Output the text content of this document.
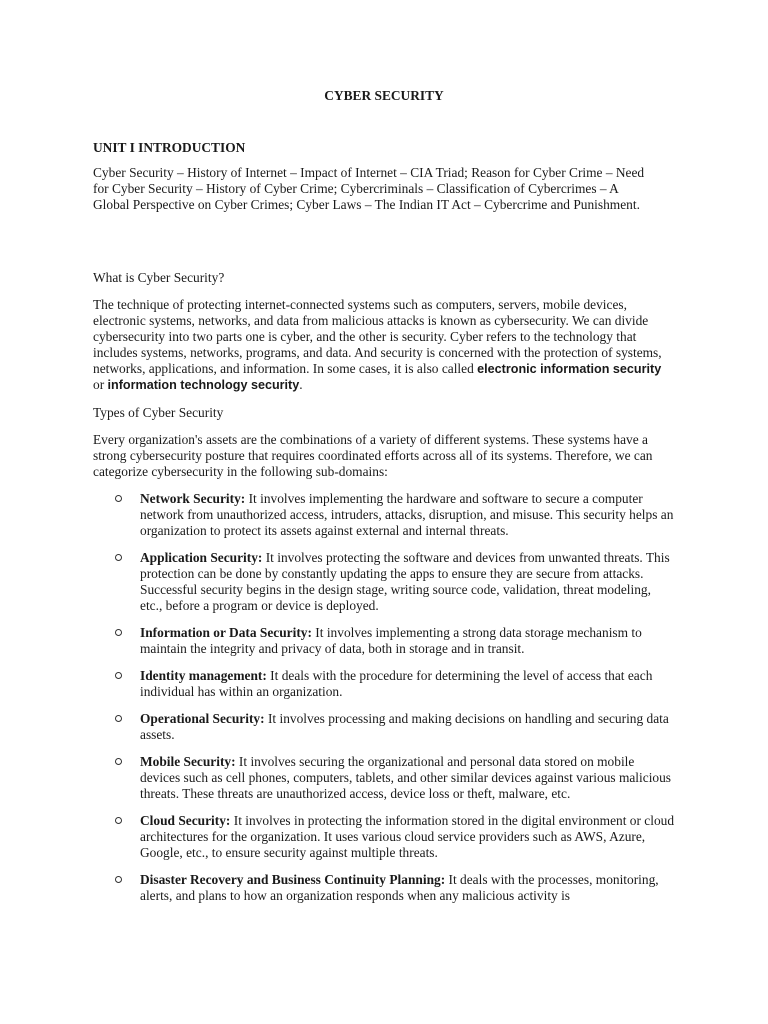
CYBER SECURITY
UNIT I INTRODUCTION

Cyber Security – History of Internet – Impact of Internet – CIA Triad; Reason for Cyber Crime – Need for Cyber Security – History of Cyber Crime; Cybercriminals – Classification of Cybercrimes – A Global Perspective on Cyber Crimes; Cyber Laws – The Indian IT Act – Cybercrime and Punishment.

What is Cyber Security?

The technique of protecting internet-connected systems such as computers, servers, mobile devices, electronic systems, networks, and data from malicious attacks is known as cybersecurity. We can divide cybersecurity into two parts one is cyber, and the other is security. Cyber refers to the technology that includes systems, networks, programs, and data. And security is concerned with the protection of systems, networks, applications, and information. In some cases, it is also called electronic information security or information technology security.

Types of Cyber Security

Every organization's assets are the combinations of a variety of different systems. These systems have a strong cybersecurity posture that requires coordinated efforts across all of its systems. Therefore, we can categorize cybersecurity in the following sub-domains:

Network Security: It involves implementing the hardware and software to secure a computer network from unauthorized access, intruders, attacks, disruption, and misuse. This security helps an organization to protect its assets against external and internal threats.
Application Security: It involves protecting the software and devices from unwanted threats. This protection can be done by constantly updating the apps to ensure they are secure from attacks. Successful security begins in the design stage, writing source code, validation, threat modeling, etc., before a program or device is deployed.
Information or Data Security: It involves implementing a strong data storage mechanism to maintain the integrity and privacy of data, both in storage and in transit.
Identity management: It deals with the procedure for determining the level of access that each individual has within an organization.
Operational Security: It involves processing and making decisions on handling and securing data assets.
Mobile Security: It involves securing the organizational and personal data stored on mobile devices such as cell phones, computers, tablets, and other similar devices against various malicious threats. These threats are unauthorized access, device loss or theft, malware, etc.
Cloud Security: It involves in protecting the information stored in the digital environment or cloud architectures for the organization. It uses various cloud service providers such as AWS, Azure, Google, etc., to ensure security against multiple threats.
Disaster Recovery and Business Continuity Planning: It deals with the processes, monitoring, alerts, and plans to how an organization responds when any malicious activity is
